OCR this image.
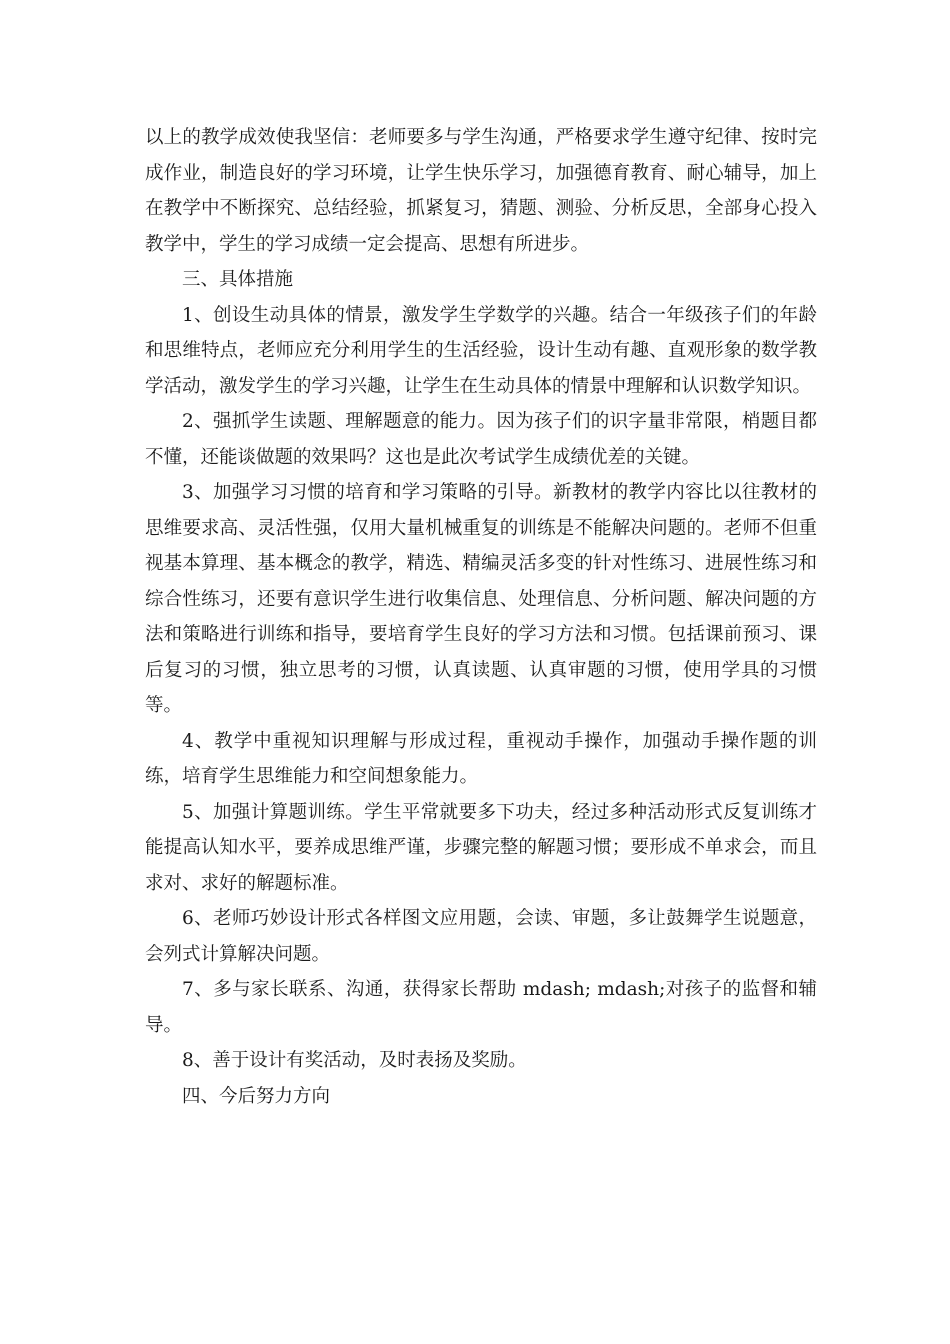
以上的教学成效使我坚信：老师要多与学生沟通，严格要求学生遵守纪律、按时完成作业，制造良好的学习环境，让学生快乐学习，加强德育教育、耐心辅导，加上在教学中不断探究、总结经验，抓紧复习，猜题、测验、分析反思，全部身心投入教学中，学生的学习成绩一定会提高、思想有所进步。

三、具体措施

1、创设生动具体的情景，激发学生学数学的兴趣。结合一年级孩子们的年龄和思维特点，老师应充分利用学生的生活经验，设计生动有趣、直观形象的数学教学活动，激发学生的学习兴趣，让学生在生动具体的情景中理解和认识数学知识。

2、强抓学生读题、理解题意的能力。因为孩子们的识字量非常限，梢题目都不懂，还能谈做题的效果吗？这也是此次考试学生成绩优差的关键。

3、加强学习习惯的培育和学习策略的引导。新教材的教学内容比以往教材的思维要求高、灵活性强，仅用大量机械重复的训练是不能解决问题的。老师不但重视基本算理、基本概念的教学，精选、精编灵活多变的针对性练习、进展性练习和综合性练习，还要有意识学生进行收集信息、处理信息、分析问题、解决问题的方法和策略进行训练和指导，要培育学生良好的学习方法和习惯。包括课前预习、课后复习的习惯，独立思考的习惯，认真读题、认真审题的习惯，使用学具的习惯等。

4、教学中重视知识理解与形成过程，重视动手操作，加强动手操作题的训练，培育学生思维能力和空间想象能力。

5、加强计算题训练。学生平常就要多下功夫，经过多种活动形式反复训练才能提高认知水平，要养成思维严谨，步骤完整的解题习惯；要形成不单求会，而且求对、求好的解题标准。

6、老师巧妙设计形式各样图文应用题，会读、审题，多让鼓舞学生说题意，会列式计算解决问题。

7、多与家长联系、沟通，获得家长帮助 mdash; mdash;对孩子的监督和辅导。

8、善于设计有奖活动，及时表扬及奖励。

四、今后努力方向
